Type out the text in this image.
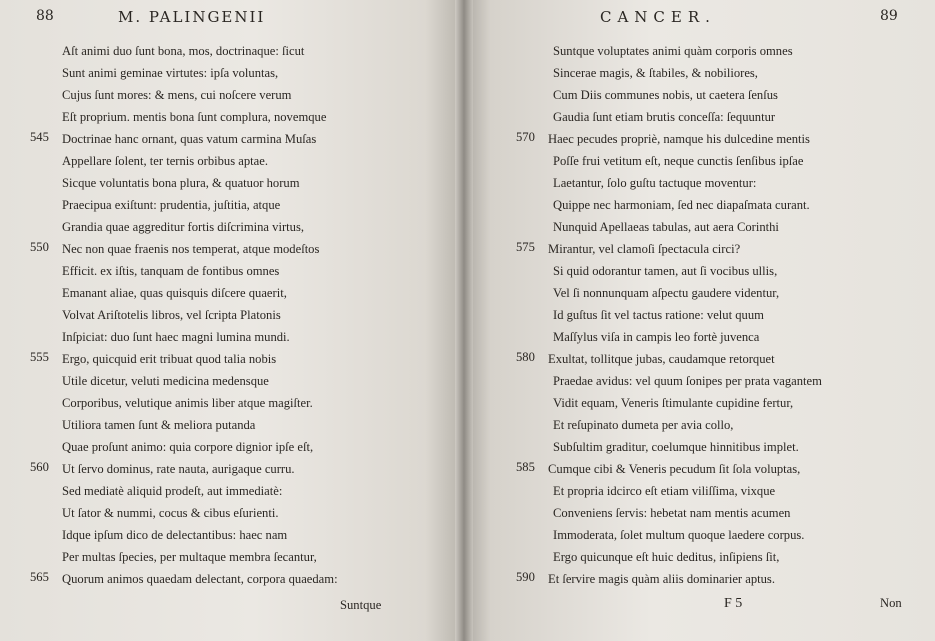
88	M. PALINGENII
Aſt animi duo ſunt bona, mos, doctrinaque: ſicut
Sunt animi geminae virtutes: ipſa voluntas,
Cujus ſunt mores: & mens, cui noſcere verum
Eſt proprium. mentis bona ſunt complura, novemque
Doctrinae hanc ornant, quas vatum carmina Muſas
545
Appellare ſolent, ter ternis orbibus aptae.
Sicque voluntatis bona plura, & quatuor horum
Praecipua exiſtunt: prudentia, juſtitia, atque
Grandia quae aggreditur fortis diſcrimina virtus,
Nec non quae fraenis nos temperat, atque modeſtos
550
Efficit. ex iſtis, tanquam de fontibus omnes
Emanant aliae, quas quisquis diſcere quaerit,
Volvat Ariſtotelis libros, vel ſcripta Platonis
Inſpiciat: duo ſunt haec magni lumina mundi.
Ergo, quicquid erit tribuat quod talia nobis
555
Utile dicetur, veluti medicina medensque
Corporibus, velutique animis liber atque magiſter.
Utiliora tamen ſunt & meliora putanda
Quae proſunt animo: quia corpore dignior ipſe eſt,
Ut ſervo dominus, rate nauta, aurigaque curru.
560
Sed mediatè aliquid prodeſt, aut immediatè:
Ut ſator & nummi, cocus & cibus eſurienti.
Idque ipſum dico de delectantibus: haec nam
Per multas ſpecies, per multaque membra ſecantur,
Quorum animos quaedam delectant, corpora quaedam:
565
Suntque
CANCER.	89
Suntque voluptates animi quàm corporis omnes
Sincerae magis, & ſtabiles, & nobiliores,
Cum Diis communes nobis, ut caetera ſenſus
Gaudia ſunt etiam brutis conceſſa: ſequuntur
Haec pecudes propriè, namque his dulcedine mentis
570
Poſſe frui vetitum eſt, neque cunctis ſenſibus ipſae
Laetantur, ſolo guſtu tactuque moventur:
Quippe nec harmoniam, ſed nec diapaſmata curant.
Nunquid Apellaeas tabulas, aut aera Corinthi
Mirantur, vel clamoſi ſpectacula circi?
575
Si quid odorantur tamen, aut ſi vocibus ullis,
Vel ſi nonnunquam aſpectu gaudere videntur,
Id guſtus ſit vel tactus ratione: velut quum
Maſſylus viſa in campis leo fortè juvenca
Exultat, tollitque jubas, caudamque retorquet
580
Praedae avidus: vel quum ſonipes per prata vagantem
Vidit equam, Veneris ſtimulante cupidine fertur,
Et reſupinato dumeta per avia collo,
Subſultim graditur, coelumque hinnitibus implet.
Cumque cibi & Veneris pecudum ſit ſola voluptas,
585
Et propria idcirco eſt etiam viliſſima, vixque
Conveniens ſervis: hebetat nam mentis acumen
Immoderata, ſolet multum quoque laedere corpus.
Ergo quicunque eſt huic deditus, inſipiens ſit,
Et ſervire magis quàm aliis dominarier aptus.
590
F 5	Non
